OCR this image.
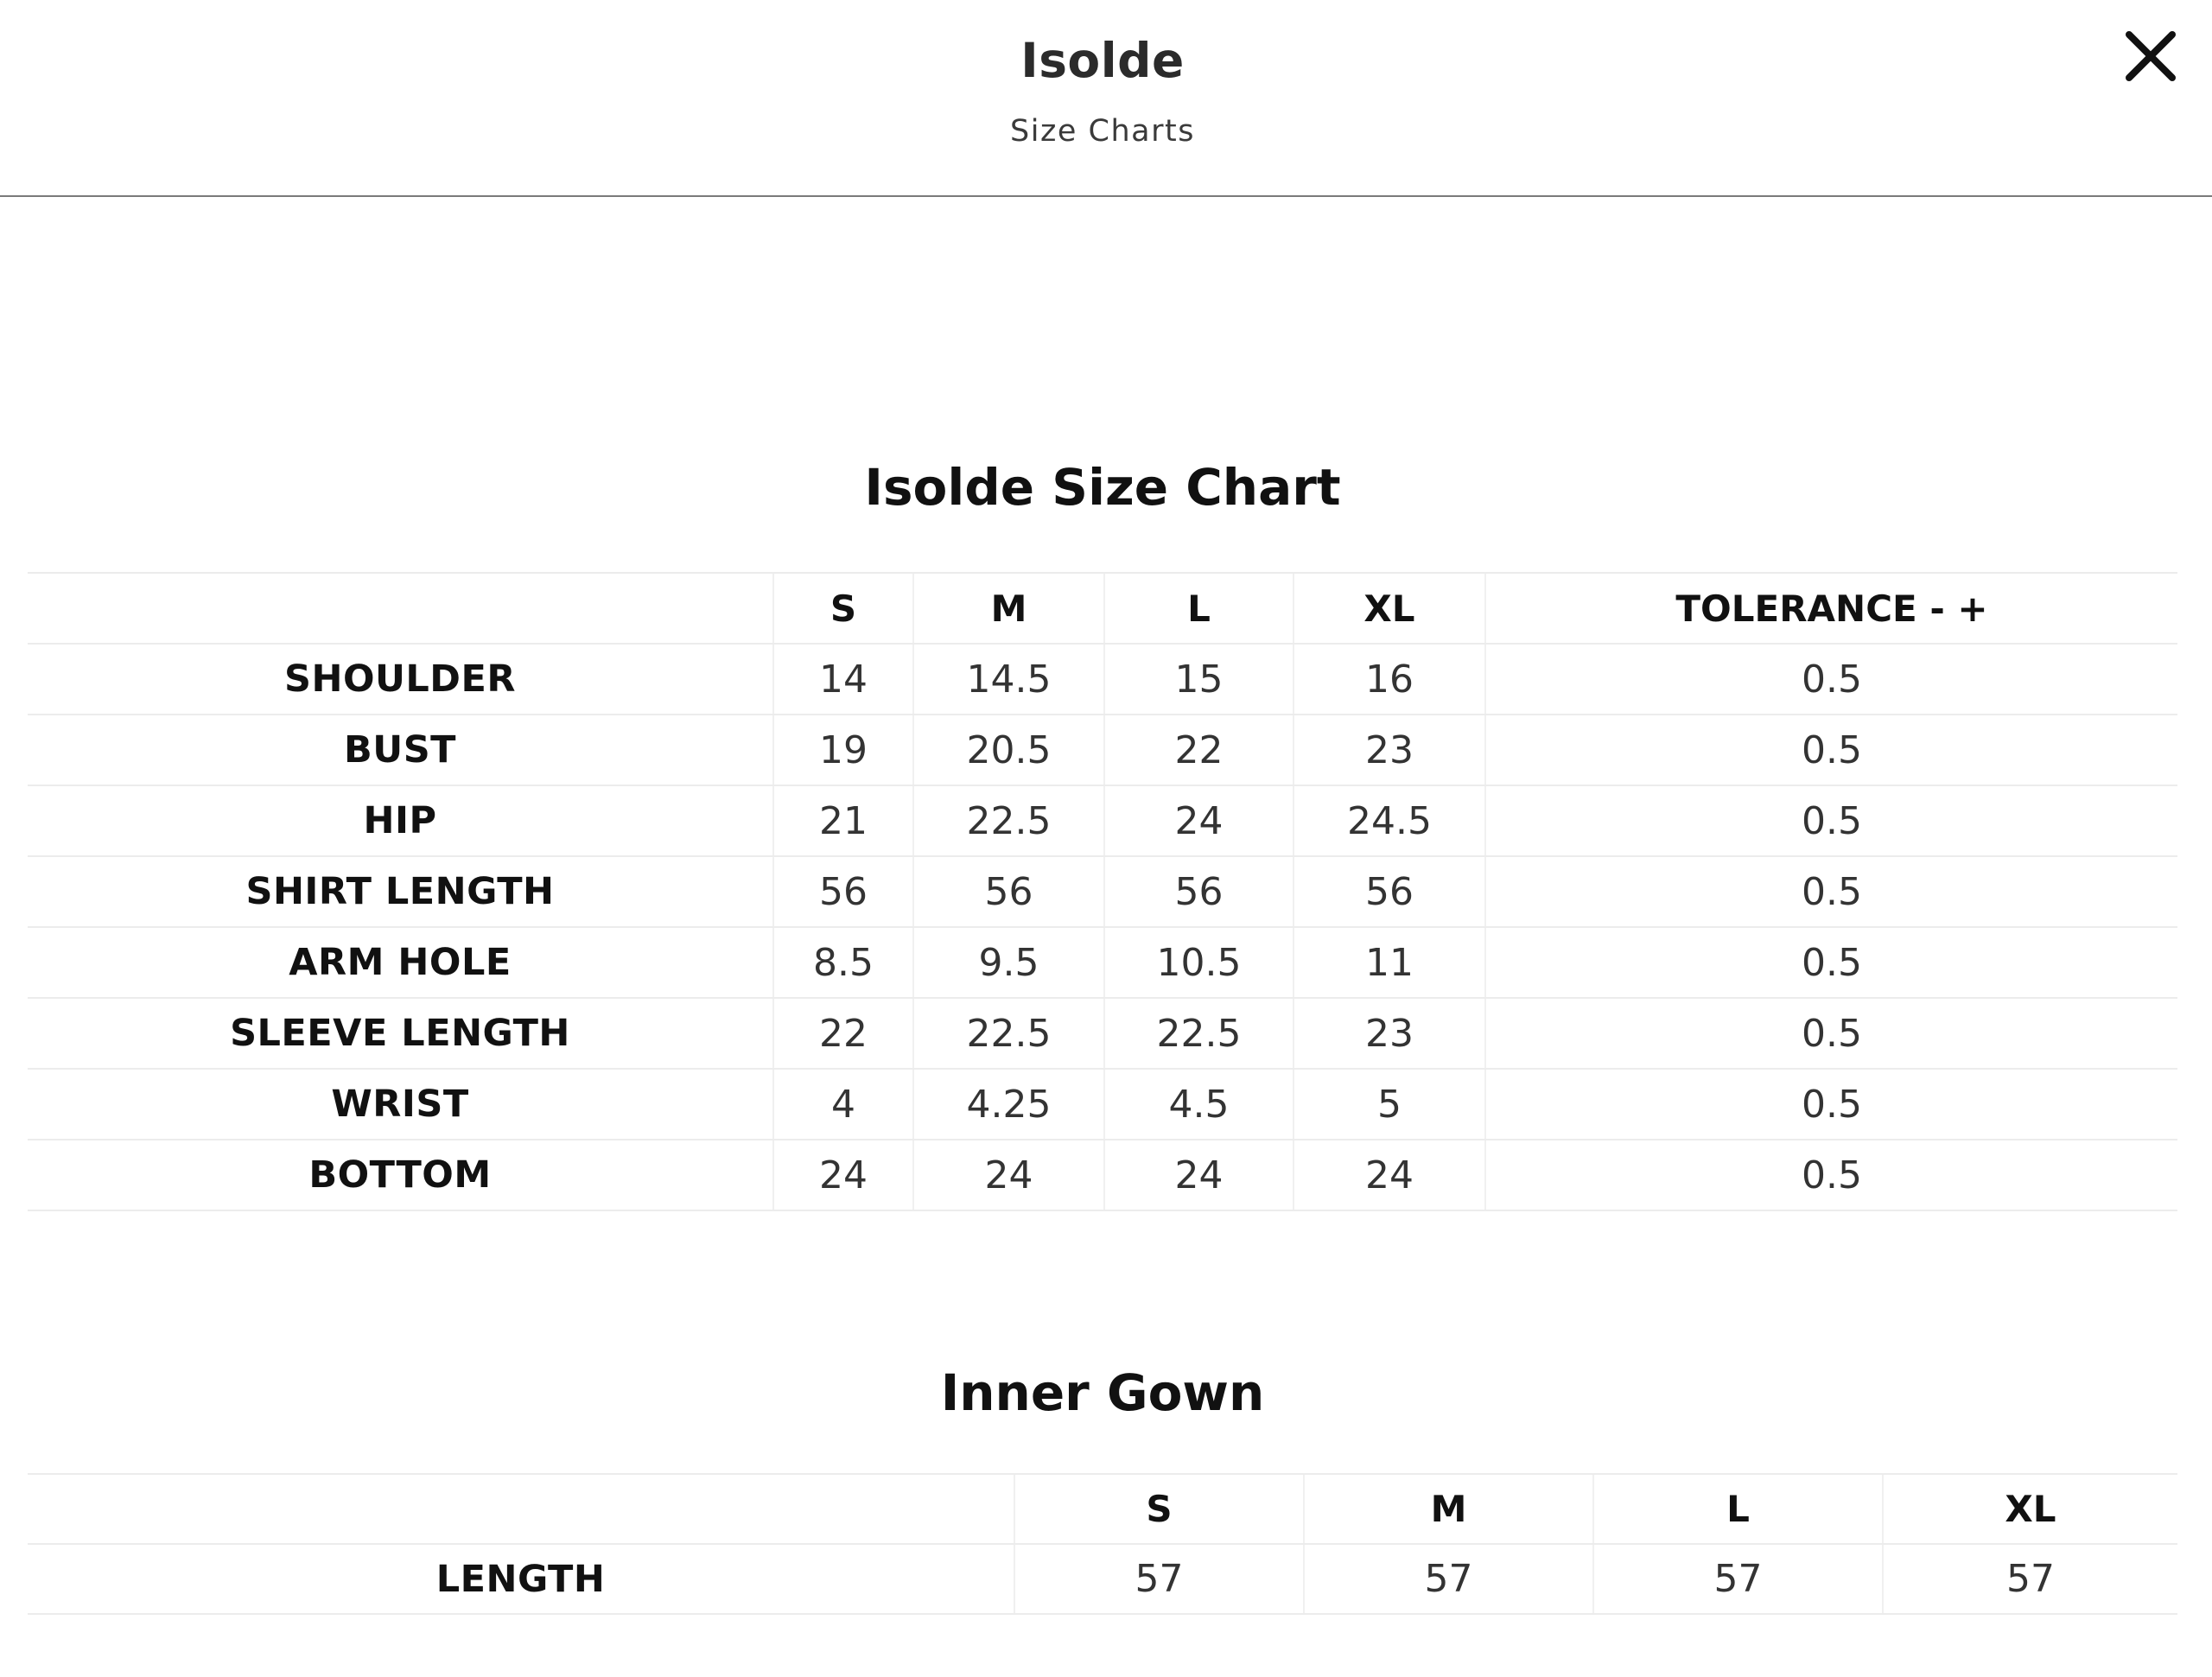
Isolde
Size Charts
Isolde Size Chart
	S	M	L	XL	TOLERANCE - +
SHOULDER	14	14.5	15	16	0.5
BUST	19	20.5	22	23	0.5
HIP	21	22.5	24	24.5	0.5
SHIRT LENGTH	56	56	56	56	0.5
ARM HOLE	8.5	9.5	10.5	11	0.5
SLEEVE LENGTH	22	22.5	22.5	23	0.5
WRIST	4	4.25	4.5	5	0.5
BOTTOM	24	24	24	24	0.5
Inner Gown
	S	M	L	XL
LENGTH	57	57	57	57
